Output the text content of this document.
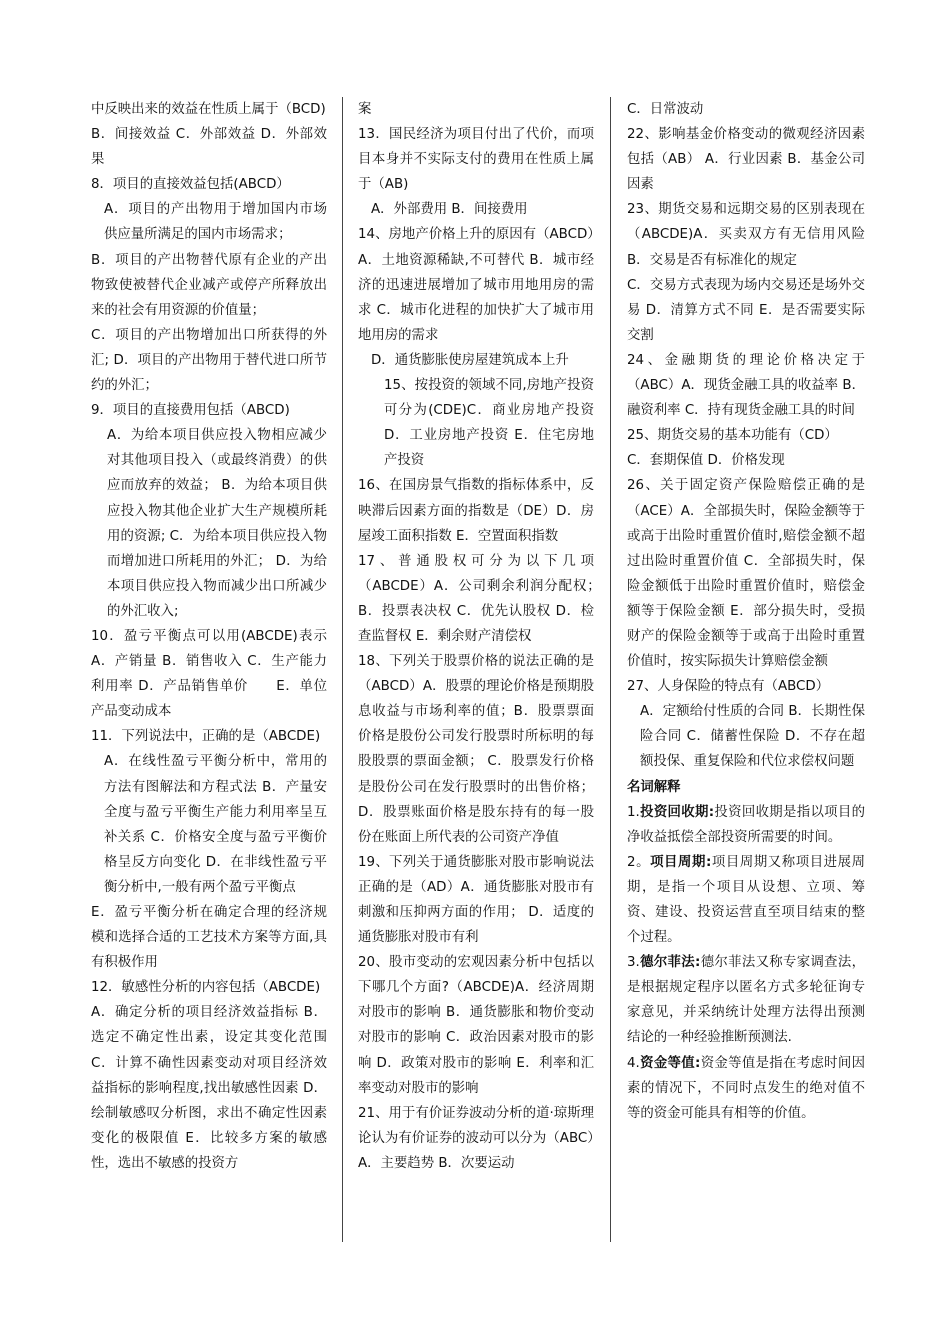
中反映出来的效益在性质上属于（BCD)

B．间接效益 C．外部效益 D．外部效果

8．项目的直接效益包括(ABCD）

A．项目的产出物用于增加国内市场供应量所满足的国内市场需求；

B．项目的产出物替代原有企业的产出物致使被替代企业减产或停产所释放出来的社会有用资源的价值量；

C．项目的产出物增加出口所获得的外汇; D．项目的产出物用于替代进口所节约的外汇；

9．项目的直接费用包括（ABCD)

A．为给本项目供应投入物相应减少对其他项目投入（或最终消费）的供应而放弃的效益； B．为给本项目供应投入物其他企业扩大生产规模所耗用的资源; C．为给本项目供应投入物而增加进口所耗用的外汇； D．为给本项目供应投入物而减少出口所减少的外汇收入;

10．盈亏平衡点可以用(ABCDE)表示 A．产销量 B．销售收入 C．生产能力利用率 D．产品销售单价　　E．单位产品变动成本

11．下列说法中，正确的是（ABCDE)

A．在线性盈亏平衡分析中，常用的方法有图解法和方程式法 B．产量安全度与盈亏平衡生产能力利用率呈互补关系 C．价格安全度与盈亏平衡价格呈反方向变化 D．在非线性盈亏平衡分析中,一般有两个盈亏平衡点

E．盈亏平衡分析在确定合理的经济规模和选择合适的工艺技术方案等方面,具有积极作用

12．敏感性分析的内容包括（ABCDE)

A．确定分析的项目经济效益指标 B．选定不确定性出素，设定其变化范围 C．计算不确性因素变动对项目经济效益指标的影响程度,找出敏感性因素 D．绘制敏感叹分析图，求出不确定性因素变化的极限值 E．比较多方案的敏感性，选出不敏感的投资方

案

13．国民经济为项目付出了代价，而项目本身并不实际支付的费用在性质上属于（AB)

A．外部费用 B．间接费用

14、房地产价格上升的原因有（ABCD）A．土地资源稀缺,不可替代 B．城市经济的迅速进展增加了城市用地用房的需求 C．城市化进程的加快扩大了城市用地用房的需求

D．通货膨胀使房屋建筑成本上升

15、按投资的领域不同,房地产投资可分为(CDE)C．商业房地产投资 D．工业房地产投资 E．住宅房地产投资

16、在国房景气指数的指标体系中，反映滞后因素方面的指数是（DE）D．房屋竣工面积指数 E．空置面积指数

17、普通股权可分为以下几项（ABCDE）A．公司剩余利润分配权；　B．投票表决权 C．优先认股权 D．检查监督权 E．剩余财产清偿权

18、下列关于股票价格的说法正确的是（ABCD）A．股票的理论价格是预期股息收益与市场利率的值；B．股票票面价格是股份公司发行股票时所标明的每股股票的票面金额； C．股票发行价格是股份公司在发行股票时的出售价格； D．股票账面价格是股东持有的每一股份在账面上所代表的公司资产净值

19、下列关于通货膨胀对股市影响说法正确的是（AD）A．通货膨胀对股市有刺激和压抑两方面的作用； D．适度的通货膨胀对股市有利

20、股市变动的宏观因素分析中包括以下哪几个方面?（ABCDE)A．经济周期对股市的影响 B．通货膨胀和物价变动对股市的影响 C．政治因素对股市的影响 D．政策对股市的影响 E．利率和汇率变动对股市的影响

21、用于有价证券波动分析的道·琼斯理论认为有价证券的波动可以分为（ABC）A．主要趋势 B．次要运动

C．日常波动

22、影响基金价格变动的微观经济因素包括（AB） A．行业因素 B．基金公司因素

23、期货交易和远期交易的区别表现在（ABCDE)A．买卖双方有无信用风险 B．交易是否有标准化的规定

C．交易方式表现为场内交易还是场外交易 D．清算方式不同 E．是否需要实际交割

24、金融期货的理论价格决定于（ABC）A．现货金融工具的收益率 B．融资利率 C．持有现货金融工具的时间

25、期货交易的基本功能有（CD）

C．套期保值 D．价格发现

26、关于固定资产保险赔偿正确的是（ACE）A．全部损失时，保险金额等于或高于出险时重置价值时,赔偿金额不超过出险时重置价值 C．全部损失时，保险金额低于出险时重置价值时，赔偿金额等于保险金额 E．部分损失时，受损财产的保险金额等于或高于出险时重置价值时，按实际损失计算赔偿金额

27、人身保险的特点有（ABCD）

A．定额给付性质的合同 B．长期性保险合同 C．储蓄性保险 D．不存在超额投保、重复保险和代位求偿权问题

名词解释

1.投资回收期:投资回收期是指以项目的净收益抵偿全部投资所需要的时间。

2。项目周期:项目周期又称项目进展周期，是指一个项目从设想、立项、筹资、建设、投资运营直至项目结束的整个过程。

3.德尔菲法:德尔菲法又称专家调查法，是根据规定程序以匿名方式多轮征询专家意见，并采纳统计处理方法得出预测结论的一种经验推断预测法.

4.资金等值:资金等值是指在考虑时间因素的情况下，不同时点发生的绝对值不等的资金可能具有相等的价值。
